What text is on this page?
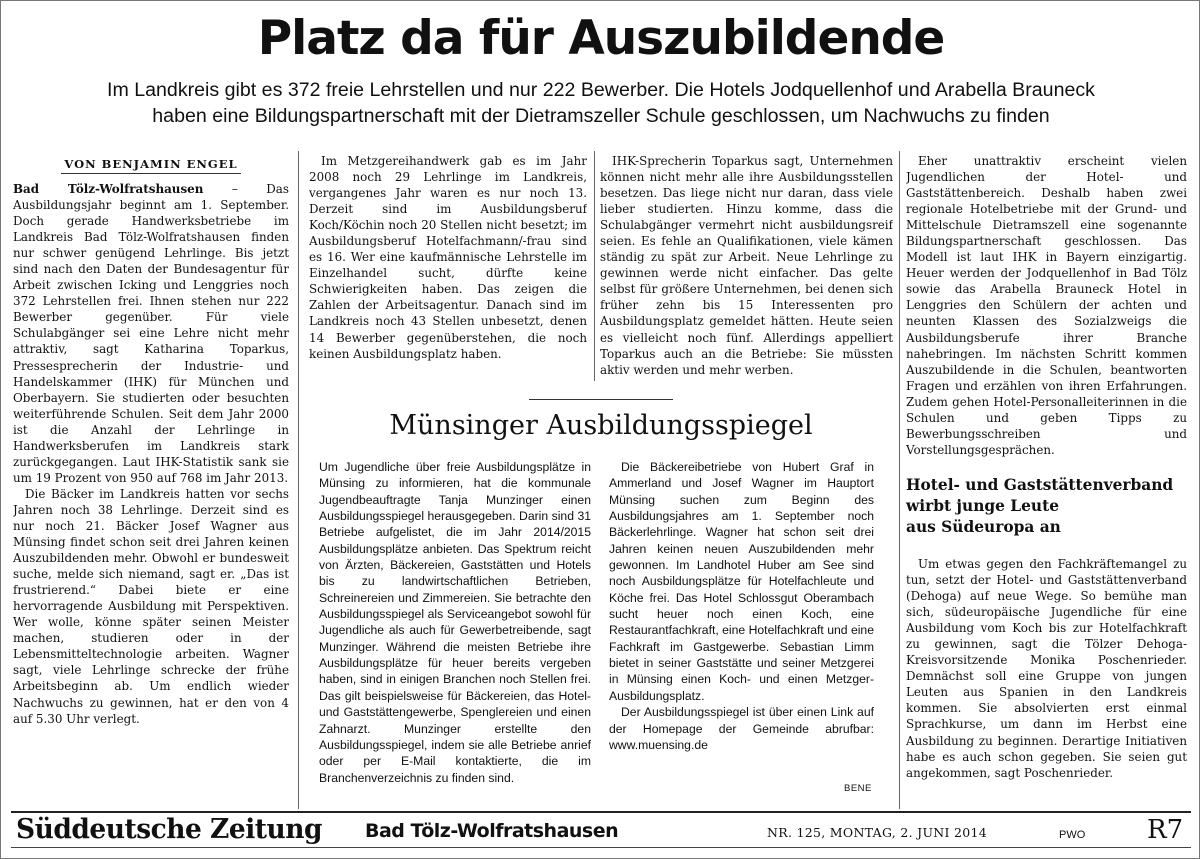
Platz da für Auszubildende
Im Landkreis gibt es 372 freie Lehrstellen und nur 222 Bewerber. Die Hotels Jodquellenhof und Arabella Brauneck
haben eine Bildungspartnerschaft mit der Dietramszeller Schule geschlossen, um Nachwuchs zu finden
VON BENJAMIN ENGEL

Bad Tölz-Wolfratshausen – Das Ausbildungsjahr beginnt am 1. September. Doch gerade Handwerksbetriebe im Landkreis Bad Tölz-Wolfratshausen finden nur schwer genügend Lehrlinge. Bis jetzt sind nach den Daten der Bundesagentur für Arbeit zwischen Icking und Lenggries noch 372 Lehrstellen frei. Ihnen stehen nur 222 Bewerber gegenüber. Für viele Schulabgänger sei eine Lehre nicht mehr attraktiv, sagt Katharina Toparkus, Pressesprecherin der Industrie- und Handelskammer (IHK) für München und Oberbayern. Sie studierten oder besuchten weiterführende Schulen. Seit dem Jahr 2000 ist die Anzahl der Lehrlinge in Handwerksberufen im Landkreis stark zurückgegangen. Laut IHK-Statistik sank sie um 19 Prozent von 950 auf 768 im Jahr 2013.

Die Bäcker im Landkreis hatten vor sechs Jahren noch 38 Lehrlinge. Derzeit sind es nur noch 21. Bäcker Josef Wagner aus Münsing findet schon seit drei Jahren keinen Auszubildenden mehr. Obwohl er bundesweit suche, melde sich niemand, sagt er. „Das ist frustrierend.“ Dabei biete er eine hervorragende Ausbildung mit Perspektiven. Wer wolle, könne später seinen Meister machen, studieren oder in der Lebensmitteltechnologie arbeiten. Wagner sagt, viele Lehrlinge schrecke der frühe Arbeitsbeginn ab. Um endlich wieder Nachwuchs zu gewinnen, hat er den von 4 auf 5.30 Uhr verlegt.

Im Metzgereihandwerk gab es im Jahr 2008 noch 29 Lehrlinge im Landkreis, vergangenes Jahr waren es nur noch 13. Derzeit sind im Ausbildungsberuf Koch/Köchin noch 20 Stellen nicht besetzt; im Ausbildungsberuf Hotelfachmann/-frau sind es 16. Wer eine kaufmännische Lehrstelle im Einzelhandel sucht, dürfte keine Schwierigkeiten haben. Das zeigen die Zahlen der Arbeitsagentur. Danach sind im Landkreis noch 43 Stellen unbesetzt, denen 14 Bewerber gegenüberstehen, die noch keinen Ausbildungsplatz haben.

IHK-Sprecherin Toparkus sagt, Unternehmen können nicht mehr alle ihre Ausbildungsstellen besetzen. Das liege nicht nur daran, dass viele lieber studierten. Hinzu komme, dass die Schulabgänger vermehrt nicht ausbildungsreif seien. Es fehle an Qualifikationen, viele kämen ständig zu spät zur Arbeit. Neue Lehrlinge zu gewinnen werde nicht einfacher. Das gelte selbst für größere Unternehmen, bei denen sich früher zehn bis 15 Interessenten pro Ausbildungsplatz gemeldet hätten. Heute seien es vielleicht noch fünf. Allerdings appelliert Toparkus auch an die Betriebe: Sie müssten aktiv werden und mehr werben.

Eher unattraktiv erscheint vielen Jugendlichen der Hotel- und Gaststättenbereich. Deshalb haben zwei regionale Hotelbetriebe mit der Grund- und Mittelschule Dietramszell eine sogenannte Bildungspartnerschaft geschlossen. Das Modell ist laut IHK in Bayern einzigartig. Heuer werden der Jodquellenhof in Bad Tölz sowie das Arabella Brauneck Hotel in Lenggries den Schülern der achten und neunten Klassen des Sozialzweigs die Ausbildungsberufe ihrer Branche nahebringen. Im nächsten Schritt kommen Auszubildende in die Schulen, beantworten Fragen und erzählen von ihren Erfahrungen. Zudem gehen Hotel-Personalleiterinnen in die Schulen und geben Tipps zu Bewerbungsschreiben und Vorstellungsgesprächen.

Hotel- und Gaststättenverband
wirbt junge Leute
aus Südeuropa an

Um etwas gegen den Fachkräftemangel zu tun, setzt der Hotel- und Gaststättenverband (Dehoga) auf neue Wege. So bemühe man sich, südeuropäische Jugendliche für eine Ausbildung vom Koch bis zur Hotelfachkraft zu gewinnen, sagt die Tölzer Dehoga-Kreisvorsitzende Monika Poschenrieder. Demnächst soll eine Gruppe von jungen Leuten aus Spanien in den Landkreis kommen. Sie absolvierten erst einmal Sprachkurse, um dann im Herbst eine Ausbildung zu beginnen. Derartige Initiativen habe es auch schon gegeben. Sie seien gut angekommen, sagt Poschenrieder.

Münsinger Ausbildungsspiegel

Um Jugendliche über freie Ausbildungsplätze in Münsing zu informieren, hat die kommunale Jugendbeauftragte Tanja Munzinger einen Ausbildungsspiegel herausgegeben. Darin sind 31 Betriebe aufgelistet, die im Jahr 2014/2015 Ausbildungsplätze anbieten. Das Spektrum reicht von Ärzten, Bäckereien, Gaststätten und Hotels bis zu landwirtschaftlichen Betrieben, Schreinereien und Zimmereien. Sie betrachte den Ausbildungsspiegel als Serviceangebot sowohl für Jugendliche als auch für Gewerbetreibende, sagt Munzinger. Während die meisten Betriebe ihre Ausbildungsplätze für heuer bereits vergeben haben, sind in einigen Branchen noch Stellen frei. Das gilt beispielsweise für Bäckereien, das Hotel- und Gaststättengewerbe, Spenglereien und einen Zahnarzt. Munzinger erstellte den Ausbildungsspiegel, indem sie alle Betriebe anrief oder per E-Mail kontaktierte, die im Branchenverzeichnis zu finden sind.

Die Bäckereibetriebe von Hubert Graf in Ammerland und Josef Wagner im Hauptort Münsing suchen zum Beginn des Ausbildungsjahres am 1. September noch Bäckerlehrlinge. Wagner hat schon seit drei Jahren keinen neuen Auszubildenden mehr gewonnen. Im Landhotel Huber am See sind noch Ausbildungsplätze für Hotelfachleute und Köche frei. Das Hotel Schlossgut Oberambach sucht heuer noch einen Koch, eine Restaurantfachkraft, eine Hotelfachkraft und eine Fachkraft im Gastgewerbe. Sebastian Limm bietet in seiner Gaststätte und seiner Metzgerei in Münsing einen Koch- und einen Metzger-Ausbildungsplatz.

Der Ausbildungsspiegel ist über einen Link auf der Homepage der Gemeinde abrufbar: www.muensing.de

BENE
Süddeutsche Zeitung Bad Tölz-Wolfratshausen	NR. 125, MONTAG, 2. JUNI 2014	PWO R7
